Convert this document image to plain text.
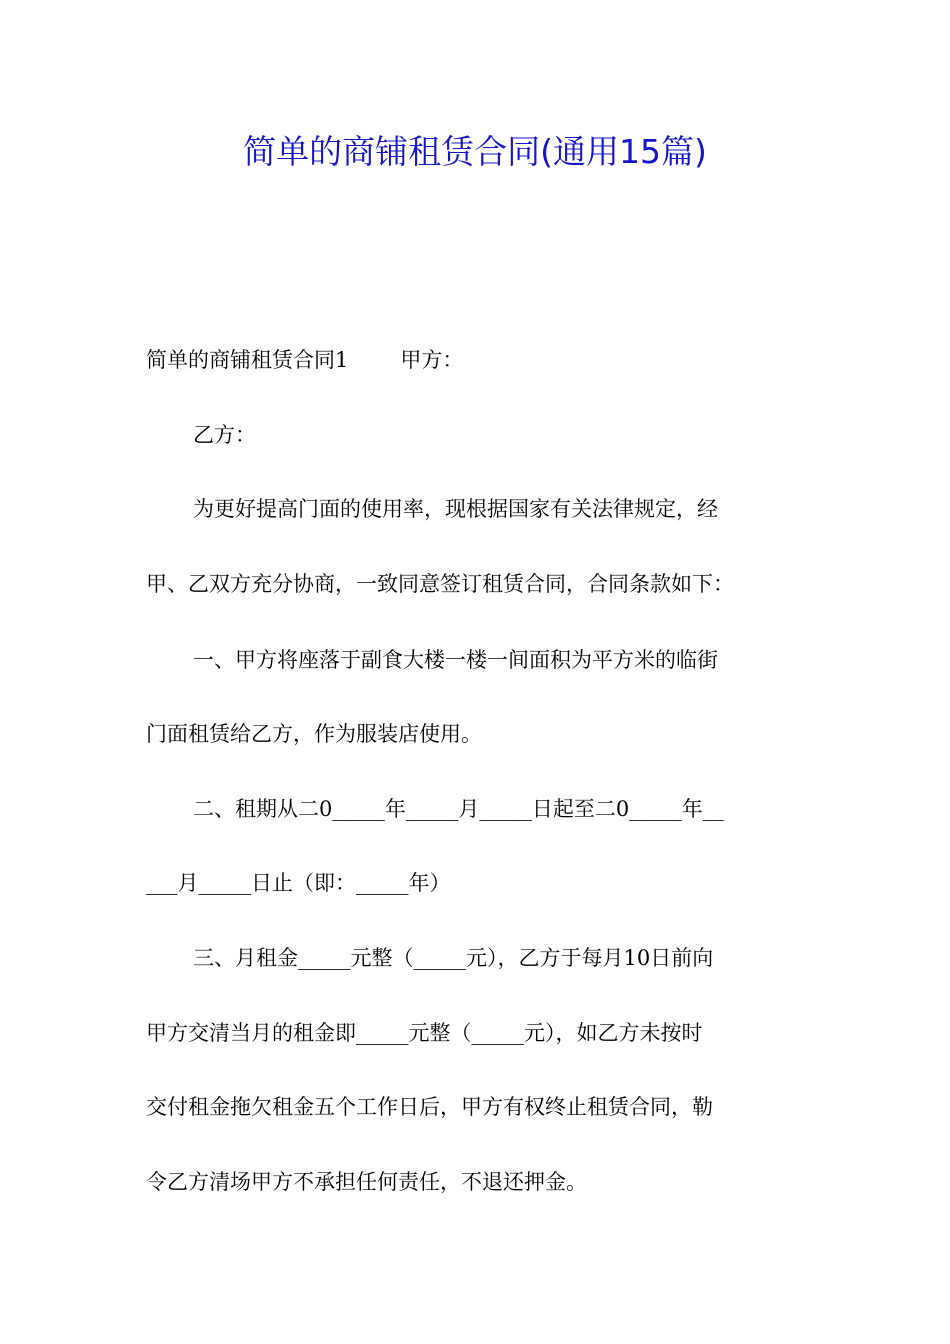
简单的商铺租赁合同(通用15篇)

简单的商铺租赁合同1 甲方：

乙方：

为更好提高门面的使用率，现根据国家有关法律规定，经

甲、乙双方充分协商，一致同意签订租赁合同，合同条款如下：

一、甲方将座落于副食大楼一楼一间面积为平方米的临街

门面租赁给乙方，作为服装店使用。

二、租期从二0_____年_____月_____日起至二0_____年__

___月_____日止（即：_____年）

三、月租金_____元整（_____元），乙方于每月10日前向

甲方交清当月的租金即_____元整（_____元），如乙方未按时

交付租金拖欠租金五个工作日后，甲方有权终止租赁合同，勒

令乙方清场甲方不承担任何责任，不退还押金。
